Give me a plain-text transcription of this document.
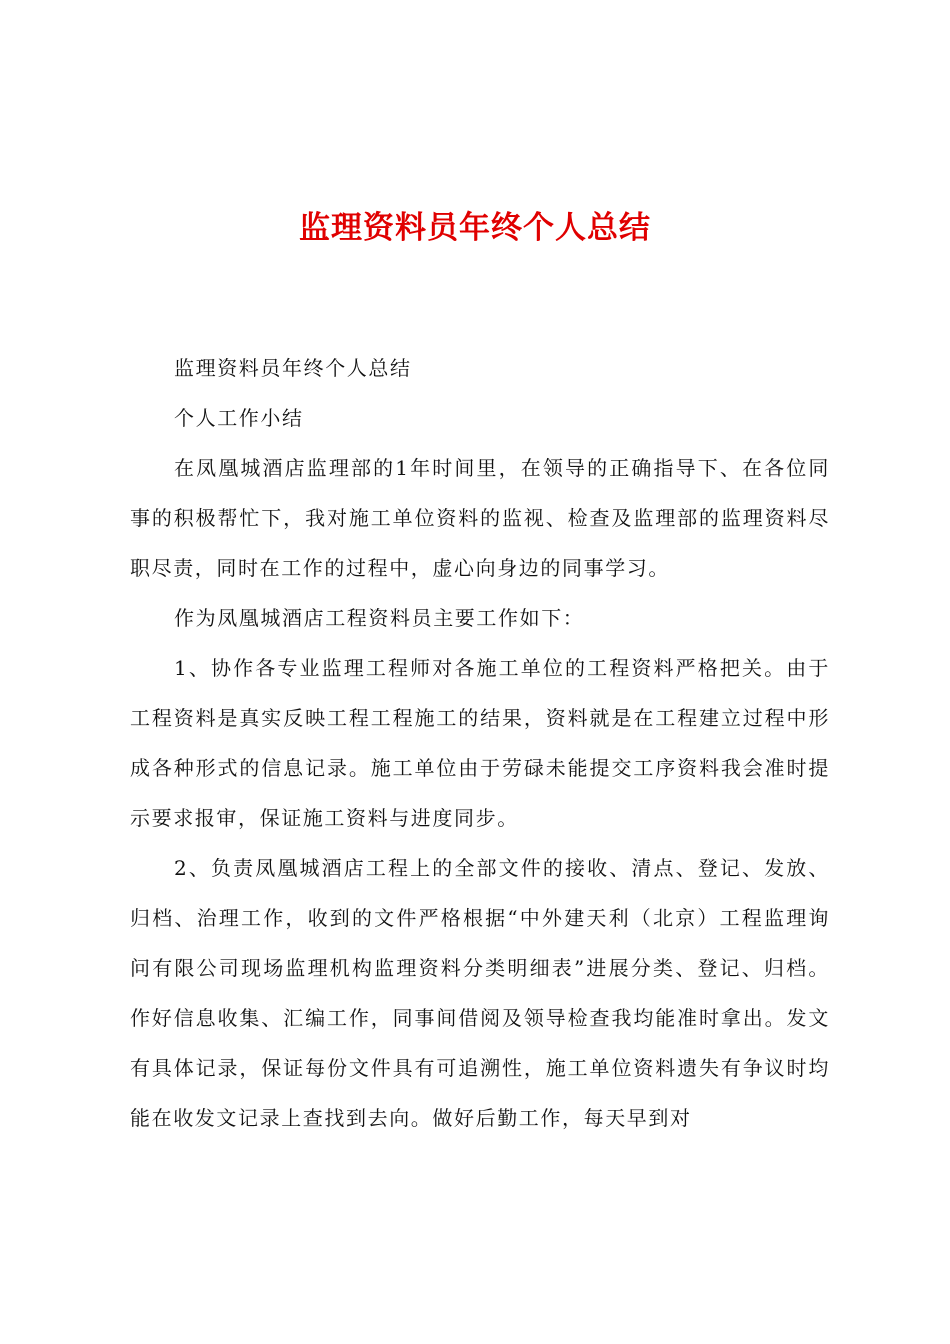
监理资料员年终个人总结

监理资料员年终个人总结

个人工作小结

在凤凰城酒店监理部的1年时间里，在领导的正确指导下、在各位同事的积极帮忙下，我对施工单位资料的监视、检查及监理部的监理资料尽职尽责，同时在工作的过程中，虚心向身边的同事学习。

作为凤凰城酒店工程资料员主要工作如下：

1、协作各专业监理工程师对各施工单位的工程资料严格把关。由于工程资料是真实反映工程工程施工的结果，资料就是在工程建立过程中形成各种形式的信息记录。施工单位由于劳碌未能提交工序资料我会准时提示要求报审，保证施工资料与进度同步。

2、负责凤凰城酒店工程上的全部文件的接收、清点、登记、发放、归档、治理工作，收到的文件严格根据“中外建天利（北京）工程监理询问有限公司现场监理机构监理资料分类明细表”进展分类、登记、归档。作好信息收集、汇编工作，同事间借阅及领导检查我均能准时拿出。发文有具体记录，保证每份文件具有可追溯性，施工单位资料遗失有争议时均能在收发文记录上查找到去向。做好后勤工作，每天早到对
